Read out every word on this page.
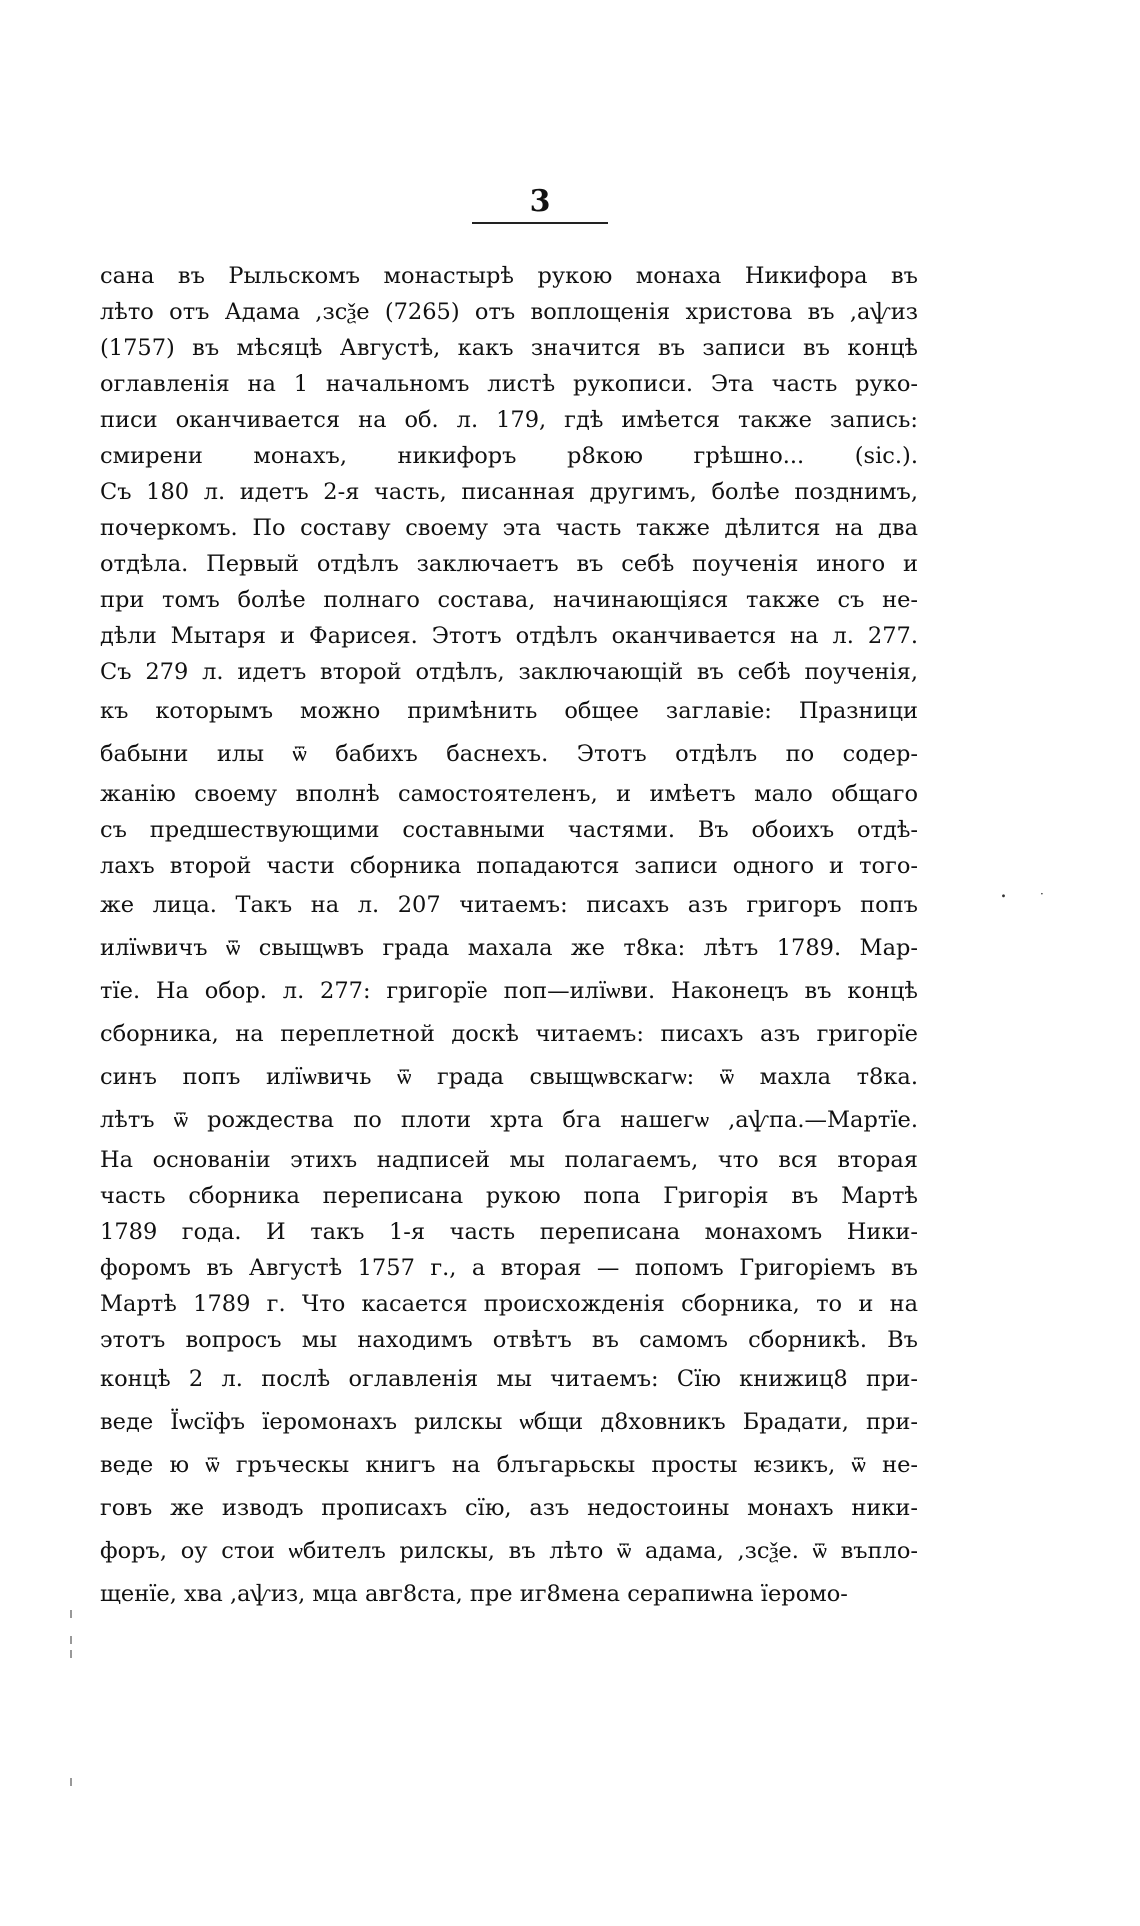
3
сана въ Рыльскомъ монастырѣ рукою монаха Никифора въ
лѣто отъ Адама ,зсѯе (7265) отъ воплощенія христова въ ,аѱиз
(1757) въ мѣсяцѣ Августѣ, какъ значится въ записи въ концѣ
оглавленія на 1 начальномъ листѣ рукописи. Эта часть руко-
писи оканчивается на об. л. 179, гдѣ имѣется также запись:
смирени монахъ, никифоръ р8кою грѣшно... (sic.).
Съ 180 л. идетъ 2-я часть, писанная другимъ, болѣе позднимъ,
почеркомъ. По составу своему эта часть также дѣлится на два
отдѣла. Первый отдѣлъ заключаетъ въ себѣ поученія иного и
при томъ болѣе полнаго состава, начинающіяся также съ не-
дѣли Мытаря и Фарисея. Этотъ отдѣлъ оканчивается на л. 277.
Съ 279 л. идетъ второй отдѣлъ, заключающій въ себѣ поученія,
къ которымъ можно примѣнить общее заглавіе: Празници
бабыни илы ѿ бабихъ баснехъ. Этотъ отдѣлъ по содер-
жанію своему вполнѣ самостоятеленъ, и имѣетъ мало общаго
съ предшествующими составными частями. Въ обоихъ отдѣ-
лахъ второй части сборника попадаются записи одного и того-
же лица. Такъ на л. 207 читаемъ: писахъ азъ григоръ попъ
илїѡвичъ ѿ свыщѡвъ града махала же т8ка: лѣтъ 1789. Мар-
тїе. На обор. л. 277: григорїе поп—илїѡви. Наконецъ въ концѣ
сборника, на переплетной доскѣ читаемъ: писахъ азъ григорїе
синъ попъ илїѡвичь ѿ града свыщѡвскагѡ: ѿ махла т8ка.
лѣтъ ѿ рождества по плоти хрта бга нашегѡ ,аѱпа.—Мартїе.
На основаніи этихъ надписей мы полагаемъ, что вся вторая
часть сборника переписана рукою попа Григорія въ Мартѣ
1789 года. И такъ 1-я часть переписана монахомъ Ники-
форомъ въ Августѣ 1757 г., а вторая — попомъ Григоріемъ въ
Мартѣ 1789 г. Что касается происхожденія сборника, то и на
этотъ вопросъ мы находимъ отвѣтъ въ самомъ сборникѣ. Въ
концѣ 2 л. послѣ оглавленія мы читаемъ: Сїю книжиц8 при-
веде Їѡсїфъ їеромонахъ рилскы ѡбщи д8ховникъ Брадати, при-
веде ю ѿ гръческы книгъ на блъгарьскы просты ѥзикъ, ѿ не-
говъ же изводъ прописахъ сїю, азъ недостоины монахъ ники-
форъ, оу стои ѡбителъ рилскы, въ лѣто ѿ адама, ,зсѯе. ѿ въпло-
щенїе, хва ,аѱиз, мца авг8ста, пре иг8мена серапиѡна їеромо-
.	·
